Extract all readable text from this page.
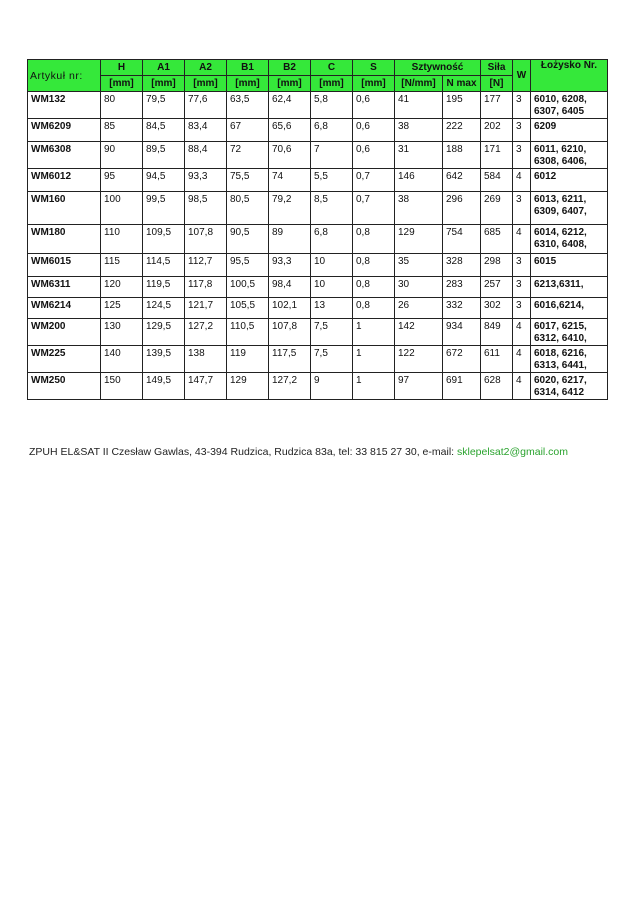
Artykuł nr:	H	A1	A2	B1	B2	C	S	Sztywność		Siła	W	Łożysko Nr.
	[mm]	[mm]	[mm]	[mm]	[mm]	[mm]	[mm]	[N/mm]	N max	[N]		
WM132	80	79,5	77,6	63,5	62,4	5,8	0,6	41	195	177	3	6010, 6208, 6307, 6405
WM6209	85	84,5	83,4	67	65,6	6,8	0,6	38	222	202	3	6209
WM6308	90	89,5	88,4	72	70,6	7	0,6	31	188	171	3	6011, 6210, 6308, 6406,
WM6012	95	94,5	93,3	75,5	74	5,5	0,7	146	642	584	4	6012
WM160	100	99,5	98,5	80,5	79,2	8,5	0,7	38	296	269	3	6013, 6211, 6309, 6407,
WM180	110	109,5	107,8	90,5	89	6,8	0,8	129	754	685	4	6014, 6212, 6310, 6408,
WM6015	115	114,5	112,7	95,5	93,3	10	0,8	35	328	298	3	6015
WM6311	120	119,5	117,8	100,5	98,4	10	0,8	30	283	257	3	6213,6311,
WM6214	125	124,5	121,7	105,5	102,1	13	0,8	26	332	302	3	6016,6214,
WM200	130	129,5	127,2	110,5	107,8	7,5	1	142	934	849	4	6017, 6215, 6312, 6410,
WM225	140	139,5	138	119	117,5	7,5	1	122	672	611	4	6018, 6216, 6313, 6441,
WM250	150	149,5	147,7	129	127,2	9	1	97	691	628	4	6020, 6217, 6314, 6412
ZPUH EL&SAT II Czesław Gawlas, 43-394 Rudzica, Rudzica 83a, tel: 33 815 27 30, e-mail: sklepelsat2@gmail.com
